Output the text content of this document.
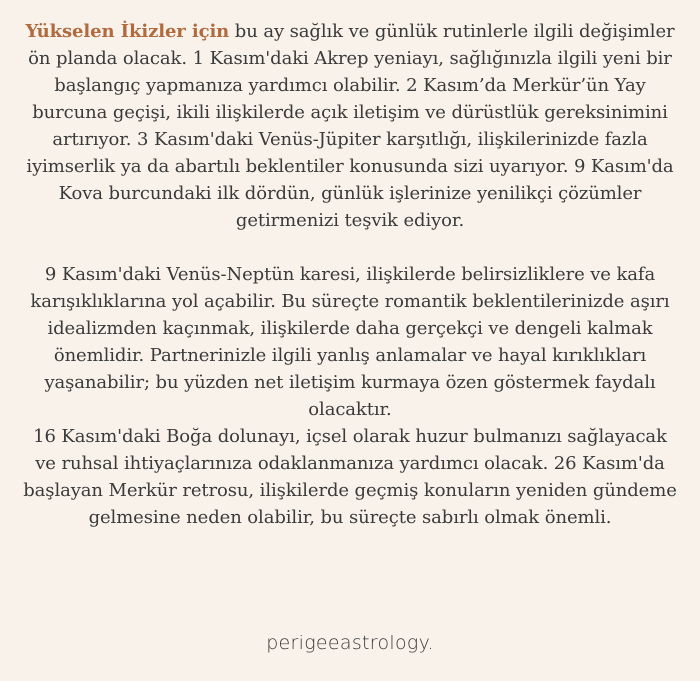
Yükselen İkizler için bu ay sağlık ve günlük rutinlerle ilgili değişimler ön planda olacak. 1 Kasım'daki Akrep yeniayı, sağlığınızla ilgili yeni bir başlangıç yapmanıza yardımcı olabilir. 2 Kasım’da Merkür’ün Yay burcuna geçişi, ikili ilişkilerde açık iletişim ve dürüstlük gereksinimini artırıyor. 3 Kasım'daki Venüs-Jüpiter karşıtlığı, ilişkilerinizde fazla iyimserlik ya da abartılı beklentiler konusunda sizi uyarıyor. 9 Kasım'da Kova burcundaki ilk dördün, günlük işlerinize yenilikçi çözümler getirmenizi teşvik ediyor.

9 Kasım'daki Venüs-Neptün karesi, ilişkilerde belirsizliklere ve kafa karışıklıklarına yol açabilir. Bu süreçte romantik beklentilerinizde aşırı idealizmden kaçınmak, ilişkilerde daha gerçekçi ve dengeli kalmak önemlidir. Partnerinizle ilgili yanlış anlamalar ve hayal kırıklıkları yaşanabilir; bu yüzden net iletişim kurmaya özen göstermek faydalı olacaktır.

16 Kasım'daki Boğa dolunayı, içsel olarak huzur bulmanızı sağlayacak ve ruhsal ihtiyaçlarınıza odaklanmanıza yardımcı olacak. 26 Kasım'da başlayan Merkür retrosu, ilişkilerde geçmiş konuların yeniden gündeme gelmesine neden olabilir, bu süreçte sabırlı olmak önemli.

perigeeastrology.
